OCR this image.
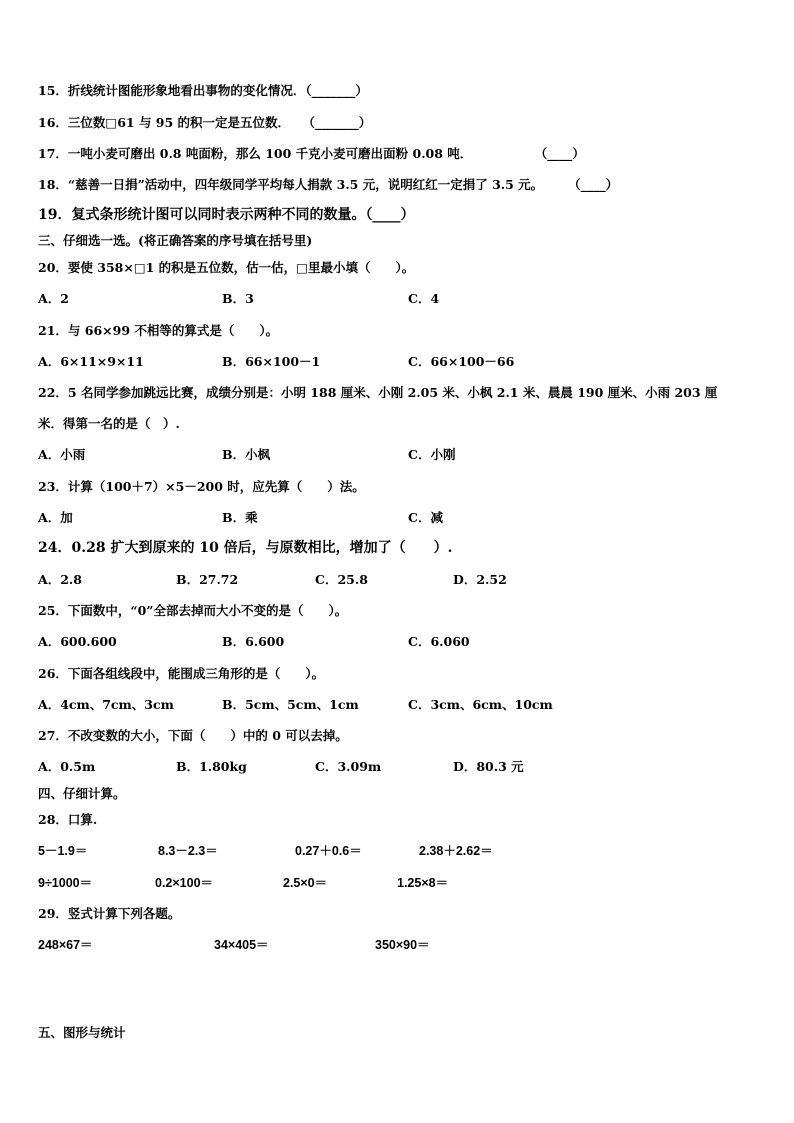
15．折线统计图能形象地看出事物的变化情况．（_______）
16．三位数□61 与 95 的积一定是五位数．　　（_______）
17．一吨小麦可磨出 0.8 吨面粉，那么 100 千克小麦可磨出面粉 0.08 吨．　　　　　　（____）
18．“慈善一日捐”活动中，四年级同学平均每人捐款 3.5 元，说明红红一定捐了 3.5 元。　　　（____）
19．复式条形统计图可以同时表示两种不同的数量。（____）
三、仔细选一选。(将正确答案的序号填在括号里)
20．要使 358×□1 的积是五位数，估一估，□里最小填（　　）。
A．2	B．3	C．4
21．与 66×99 不相等的算式是（　　）。
A．6×11×9×11	B．66×100－1	C．66×100－66
22．5 名同学参加跳远比赛，成绩分别是：小明 188 厘米、小刚 2.05 米、小枫 2.1 米、晨晨 190 厘米、小雨 203 厘
米．得第一名的是（　）.
A．小雨	B．小枫	C．小刚
23．计算（100＋7）×5－200 时，应先算（　　）法。
A．加	B．乘	C．减
24．0.28 扩大到原来的 10 倍后，与原数相比，增加了（　　）.
A．2.8	B．27.72	C．25.8	D．2.52
25．下面数中，“0”全部去掉而大小不变的是（　　）。
A．600.600	B．6.600	C．6.060
26．下面各组线段中，能围成三角形的是（　　）。
A．4cm、7cm、3cm	B．5cm、5cm、1cm	C．3cm、6cm、10cm
27．不改变数的大小，下面（　　）中的 0 可以去掉。
A．0.5m	B．1.80kg	C．3.09m	D．80.3 元
四、仔细计算。
28．口算.
5－1.9＝	8.3－2.3＝	0.27＋0.6＝	2.38＋2.62＝
9÷1000＝	0.2×100＝	2.5×0＝	1.25×8＝
29．竖式计算下列各题。
248×67＝	34×405＝	350×90＝
五、图形与统计
